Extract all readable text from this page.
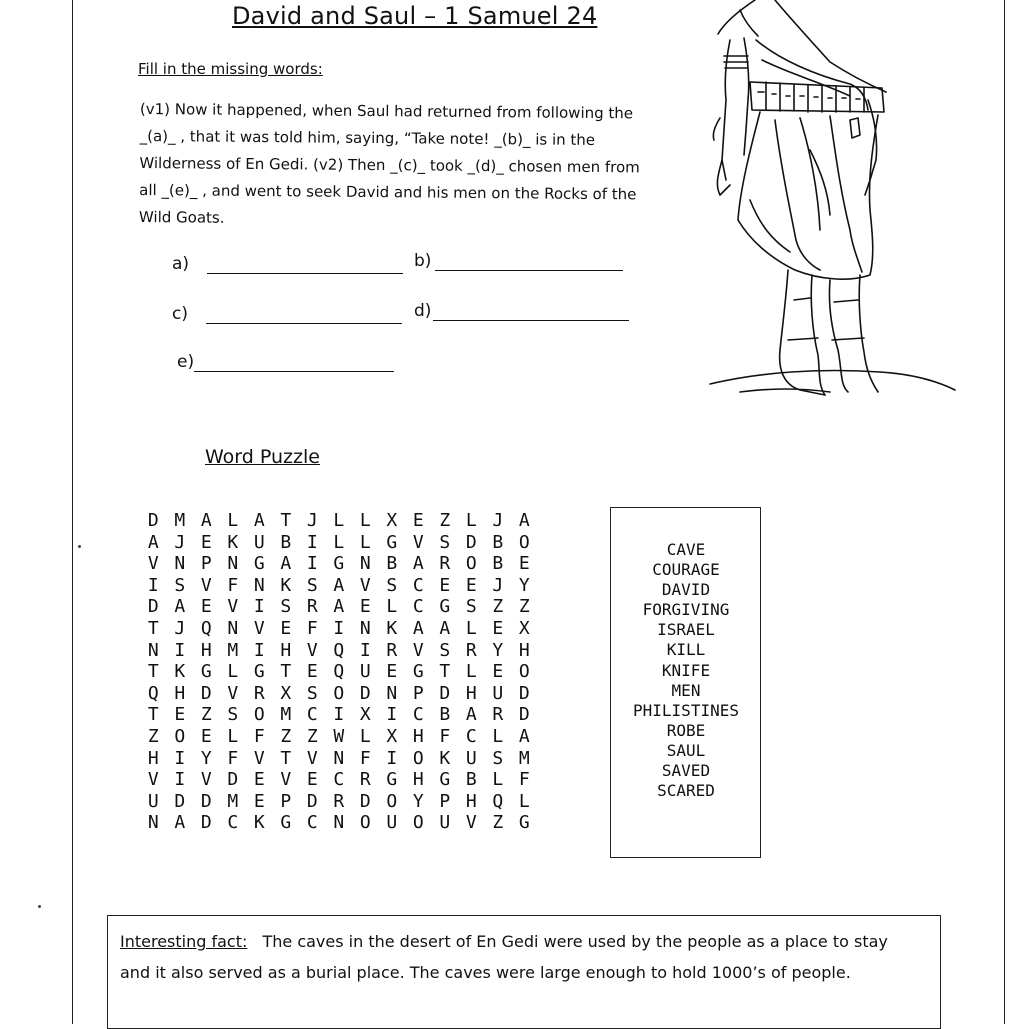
David and Saul – 1 Samuel 24
Fill in the missing words:
(v1) Now it happened, when Saul had returned from following the
_(a)_ , that it was told him, saying, “Take note! _(b)_ is in the
Wilderness of En Gedi. (v2) Then _(c)_ took _(d)_ chosen men from
all _(e)_ , and went to seek David and his men on the Rocks of the
Wild Goats.
a)	b)
c)	d)
e)
Word Puzzle
D M A L A T J L L X E Z L J A
A J E K U B I L L G V S D B O
V N P N G A I G N B A R O B E
I S V F N K S A V S C E E J Y
D A E V I S R A E L C G S Z Z
T J Q N V E F I N K A A L E X
N I H M I H V Q I R V S R Y H
T K G L G T E Q U E G T L E O
Q H D V R X S O D N P D H U D
T E Z S O M C I X I C B A R D
Z O E L F Z Z W L X H F C L A
H I Y F V T V N F I O K U S M
V I V D E V E C R G H G B L F
U D D M E P D R D O Y P H Q L
N A D C K G C N O U O U V Z G
CAVE
COURAGE
DAVID
FORGIVING
ISRAEL
KILL
KNIFE
MEN
PHILISTINES
ROBE
SAUL
SAVED
SCARED
Interesting fact: The caves in the desert of En Gedi were used by the people as a place to stay and it also served as a burial place. The caves were large enough to hold 1000’s of people.
